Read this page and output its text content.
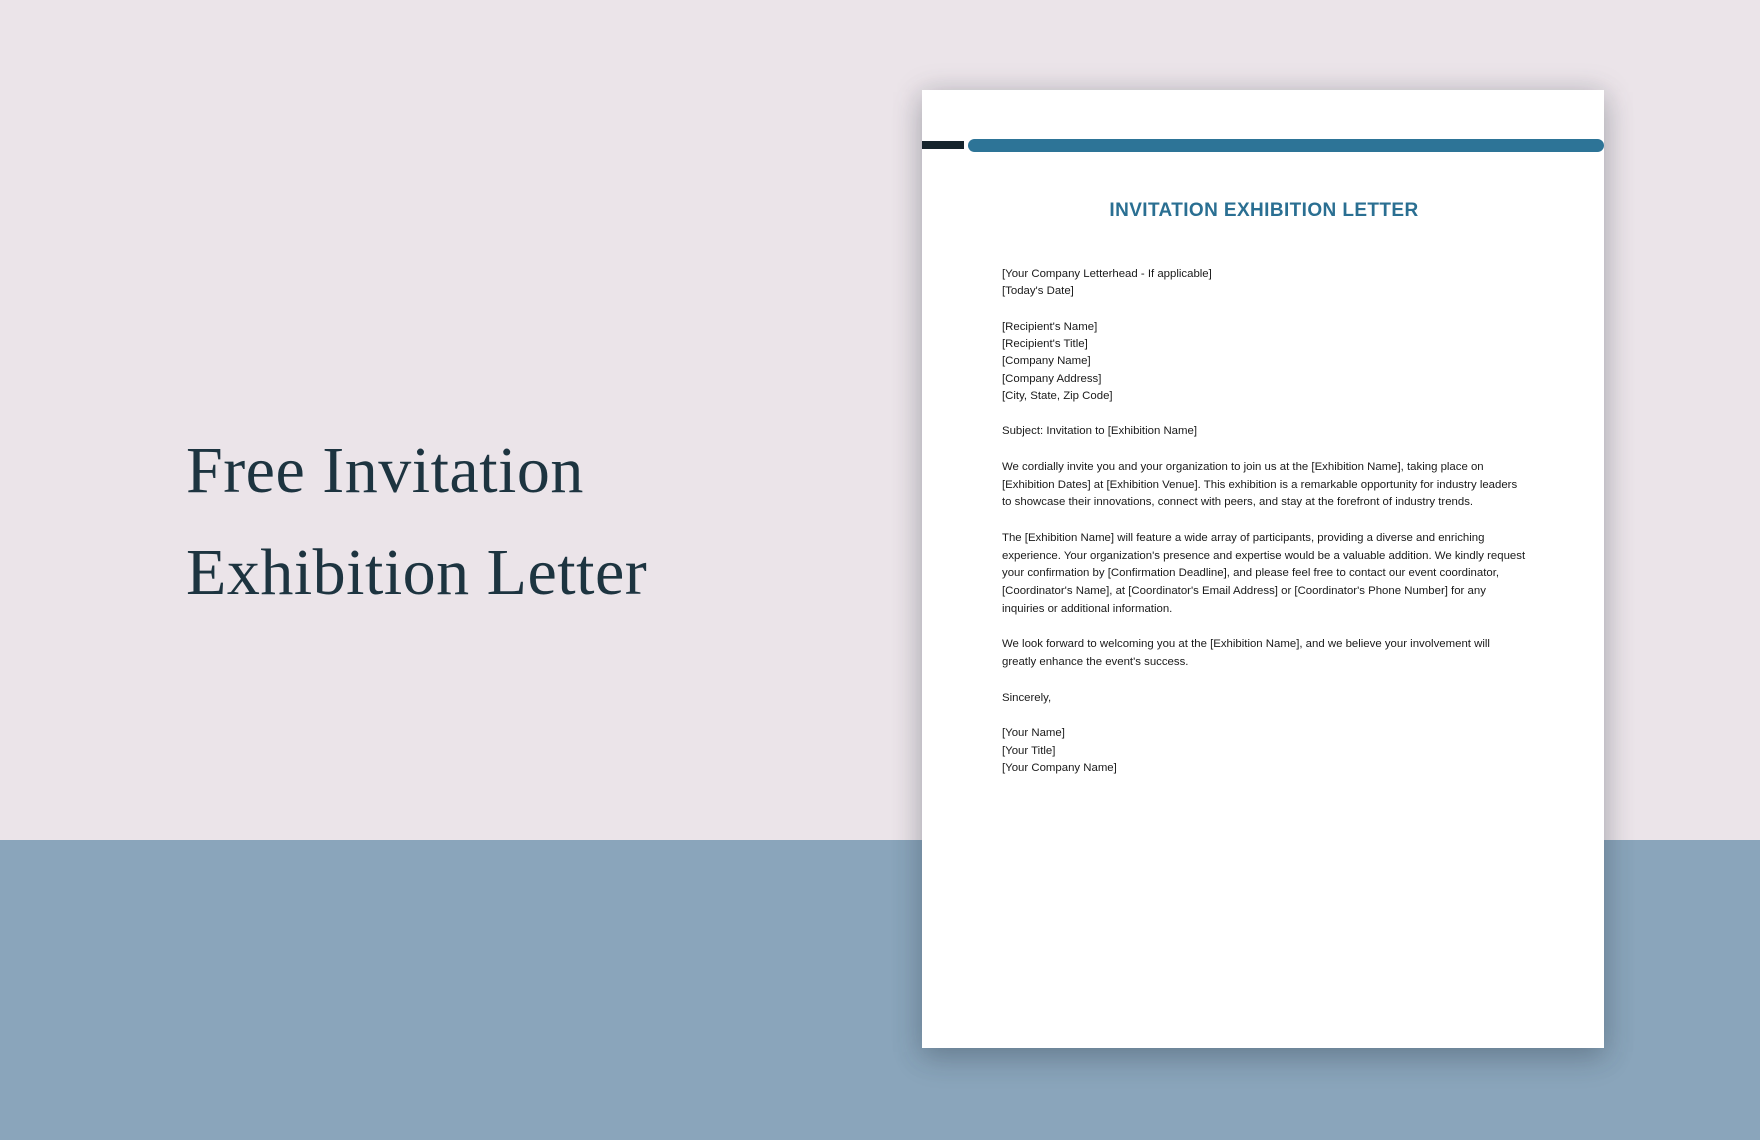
Free Invitation
Exhibition Letter
INVITATION EXHIBITION LETTER
[Your Company Letterhead - If applicable]
[Today's Date]
[Recipient's Name]
[Recipient's Title]
[Company Name]
[Company Address]
[City, State, Zip Code]

Subject: Invitation to [Exhibition Name]

We cordially invite you and your organization to join us at the [Exhibition Name], taking place on [Exhibition Dates] at [Exhibition Venue]. This exhibition is a remarkable opportunity for industry leaders to showcase their innovations, connect with peers, and stay at the forefront of industry trends.

The [Exhibition Name] will feature a wide array of participants, providing a diverse and enriching experience. Your organization's presence and expertise would be a valuable addition. We kindly request your confirmation by [Confirmation Deadline], and please feel free to contact our event coordinator, [Coordinator's Name], at [Coordinator's Email Address] or [Coordinator's Phone Number] for any inquiries or additional information.

We look forward to welcoming you at the [Exhibition Name], and we believe your involvement will greatly enhance the event's success.

Sincerely,

[Your Name]
[Your Title]
[Your Company Name]
